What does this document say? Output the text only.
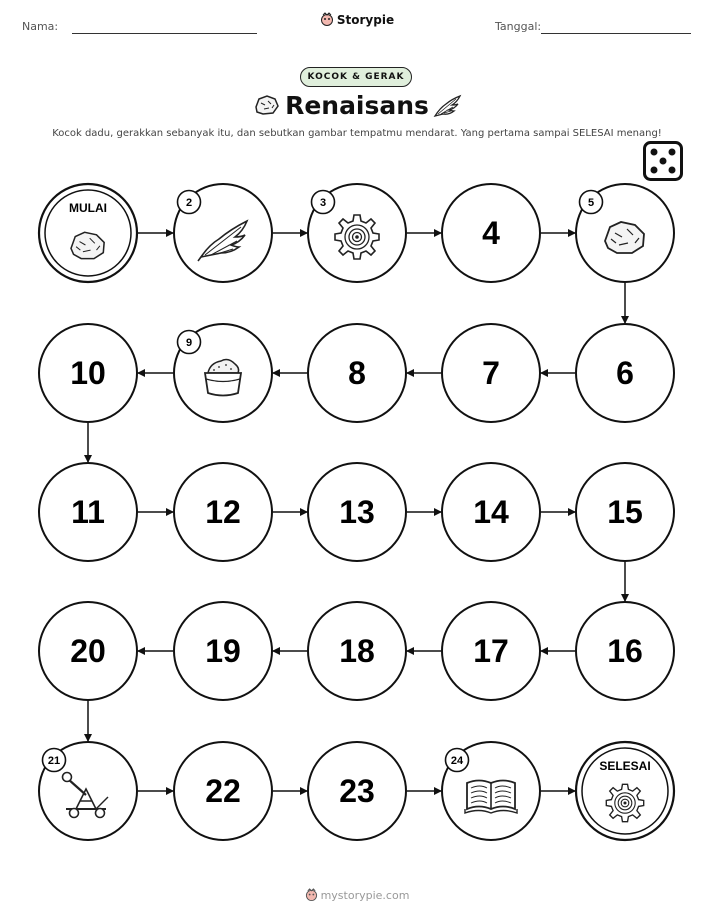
Nama:	Storypie	Tanggal:
KOCOK & GERAK
Renaisans
Kocok dadu, gerakkan sebanyak itu, dan sebutkan gambar tempatmu mendarat. Yang pertama sampai SELESAI menang!
MULAI	2	3
4
5
6
7
8
9
10
11	12	13	14	15
16
17
18
19
20
21
22	23
24	SELESAI
mystorypie.com
